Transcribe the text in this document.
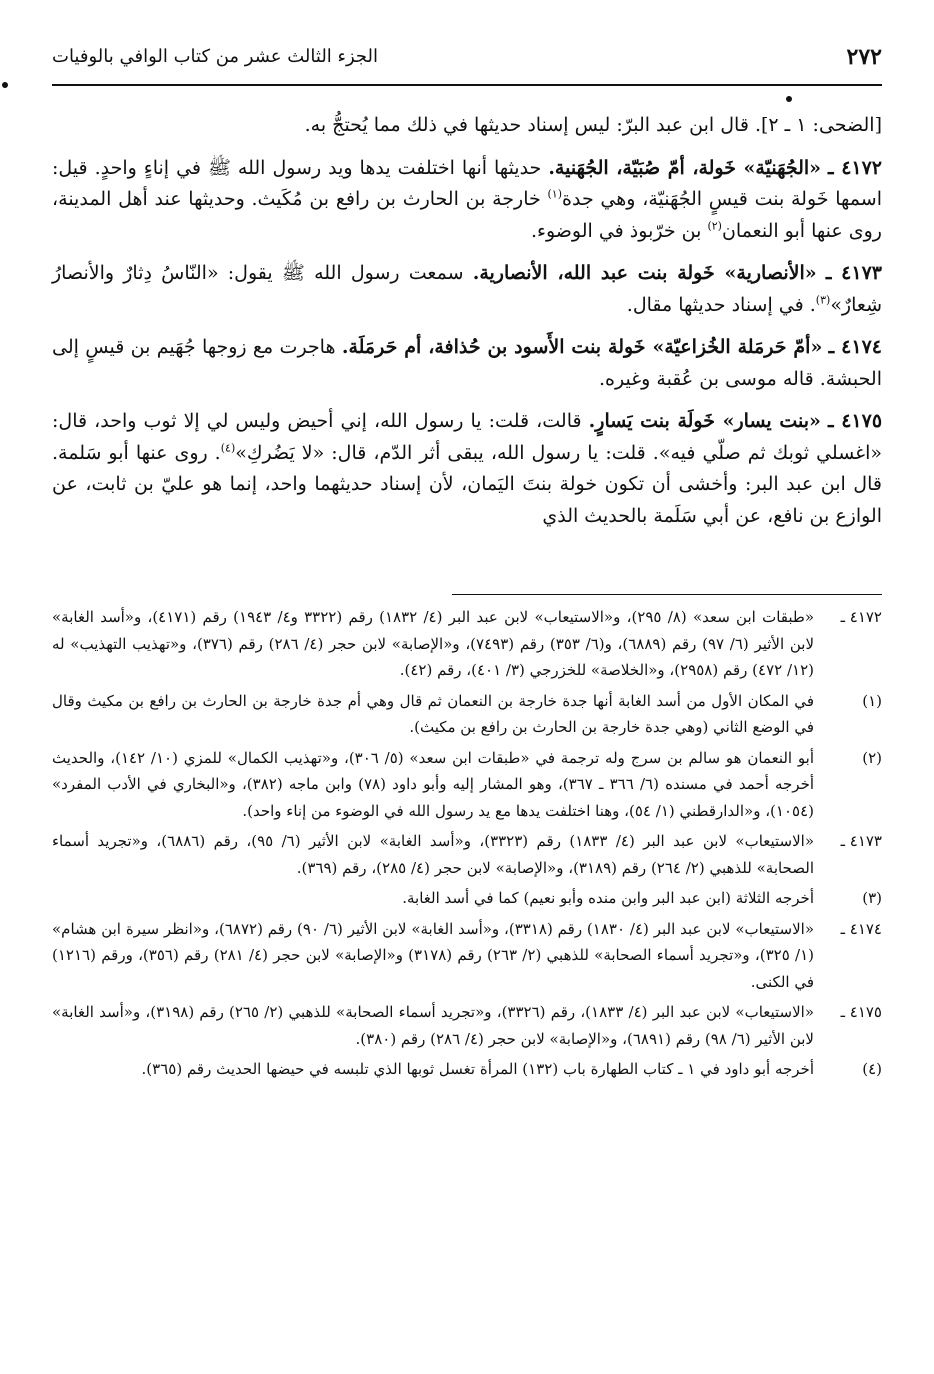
٢٧٢
الجزء الثالث عشر من كتاب الوافي بالوفيات

[الضحى: ١ ـ ٢]. قال ابن عبد البرّ: ليس إسناد حديثها في ذلك مما يُحتجُّ به.

٤١٧٢ ـ «الجُهَنيّة» خَولة، أمّ صُبَيّة، الجُهَنية. حديثها أنها اختلفت يدها ويد رسول الله ﷺ في إناءٍ واحدٍ. قيل: اسمها خَولة بنت قيسٍ الجُهَنيّة، وهي جدة$^{(١)}$ خارجة بن الحارث بن رافع بن مُكَيث. وحديثها عند أهل المدينة، روى عنها أبو النعمان$^{(٢)}$ بن خرّبوذ في الوضوء.

٤١٧٣ ـ «الأنصارية» خَولة بنت عبد الله، الأنصارية. سمعت رسول الله ﷺ يقول: «النّاسُ دِثارٌ والأنصارُ شِعارٌ»$^{(٣)}$. في إسناد حديثها مقال.

٤١٧٤ ـ «أمّ حَرمَلة الخُزاعيّة» خَولة بنت الأَسود بن حُذافة، أم حَرمَلَة. هاجرت مع زوجها جُهَيم بن قيسٍ إلى الحبشة. قاله موسى بن عُقبة وغيره.

٤١٧٥ ـ «بنت يسار» خَولَة بنت يَسارٍ. قالت، قلت: يا رسول الله، إني أحيض وليس لي إلا ثوب واحد، قال: «اغسلي ثوبك ثم صلّي فيه». قلت: يا رسول الله، يبقى أثر الدّم، قال: «لا يَضُركِ»$^{(٤)}$. روى عنها أبو سَلمة. قال ابن عبد البر: وأخشى أن تكون خولة بنتَ اليَمان، لأن إسناد حديثهما واحد، إنما هو عليّ بن ثابت، عن الوازع بن نافع، عن أبي سَلَمة بالحديث الذي

٤١٧٢ ـ
«طبقات ابن سعد» (٨/ ٢٩٥)، و«الاستيعاب» لابن عبد البر (٤/ ١٨٣٢) رقم (٣٣٢٢ و٤/ ١٩٤٣) رقم (٤١٧١)، و«أسد الغابة» لابن الأثير (٦/ ٩٧) رقم (٦٨٨٩)، و(٦/ ٣٥٣) رقم (٧٤٩٣)، و«الإصابة» لابن حجر (٤/ ٢٨٦) رقم (٣٧٦)، و«تهذيب التهذيب» له (١٢/ ٤٧٢) رقم (٢٩٥٨)، و«الخلاصة» للخزرجي (٣/ ٤٠١)، رقم (٤٢).
(١)
في المكان الأول من أسد الغابة أنها جدة خارجة بن النعمان ثم قال وهي أم جدة خارجة بن الحارث بن رافع بن مكيث وقال في الوضع الثاني (وهي جدة خارجة بن الحارث بن رافع بن مكيث).
(٢)
أبو النعمان هو سالم بن سرج وله ترجمة في «طبقات ابن سعد» (٥/ ٣٠٦)، و«تهذيب الكمال» للمزي (١٠/ ١٤٢)، والحديث أخرجه أحمد في مسنده (٦/ ٣٦٦ ـ ٣٦٧)، وهو المشار إليه وأبو داود (٧٨) وابن ماجه (٣٨٢)، و«البخاري في الأدب المفرد» (١٠٥٤)، و«الدارقطني (١/ ٥٤)، وهنا اختلفت يدها مع يد رسول الله في الوضوء من إناء واحد).
٤١٧٣ ـ
«الاستيعاب» لابن عبد البر (٤/ ١٨٣٣) رقم (٣٣٢٣)، و«أسد الغابة» لابن الأثير (٦/ ٩٥)، رقم (٦٨٨٦)، و«تجريد أسماء الصحابة» للذهبي (٢/ ٢٦٤) رقم (٣١٨٩)، و«الإصابة» لابن حجر (٤/ ٢٨٥)، رقم (٣٦٩).
(٣)
أخرجه الثلاثة (ابن عبد البر وابن منده وأبو نعيم) كما في أسد الغابة.
٤١٧٤ ـ
«الاستيعاب» لابن عبد البر (٤/ ١٨٣٠) رقم (٣٣١٨)، و«أسد الغابة» لابن الأثير (٦/ ٩٠) رقم (٦٨٧٢)، و«انظر سيرة ابن هشام» (١/ ٣٢٥)، و«تجريد أسماء الصحابة» للذهبي (٢/ ٢٦٣) رقم (٣١٧٨) و«الإصابة» لابن حجر (٤/ ٢٨١) رقم (٣٥٦)، ورقم (١٢١٦) في الكنى.
٤١٧٥ ـ
«الاستيعاب» لابن عبد البر (٤/ ١٨٣٣)، رقم (٣٣٢٦)، و«تجريد أسماء الصحابة» للذهبي (٢/ ٢٦٥) رقم (٣١٩٨)، و«أسد الغابة» لابن الأثير (٦/ ٩٨) رقم (٦٨٩١)، و«الإصابة» لابن حجر (٤/ ٢٨٦) رقم (٣٨٠).
(٤)
أخرجه أبو داود في ١ ـ كتاب الطهارة باب (١٣٢) المرأة تغسل ثوبها الذي تلبسه في حيضها الحديث رقم (٣٦٥).
